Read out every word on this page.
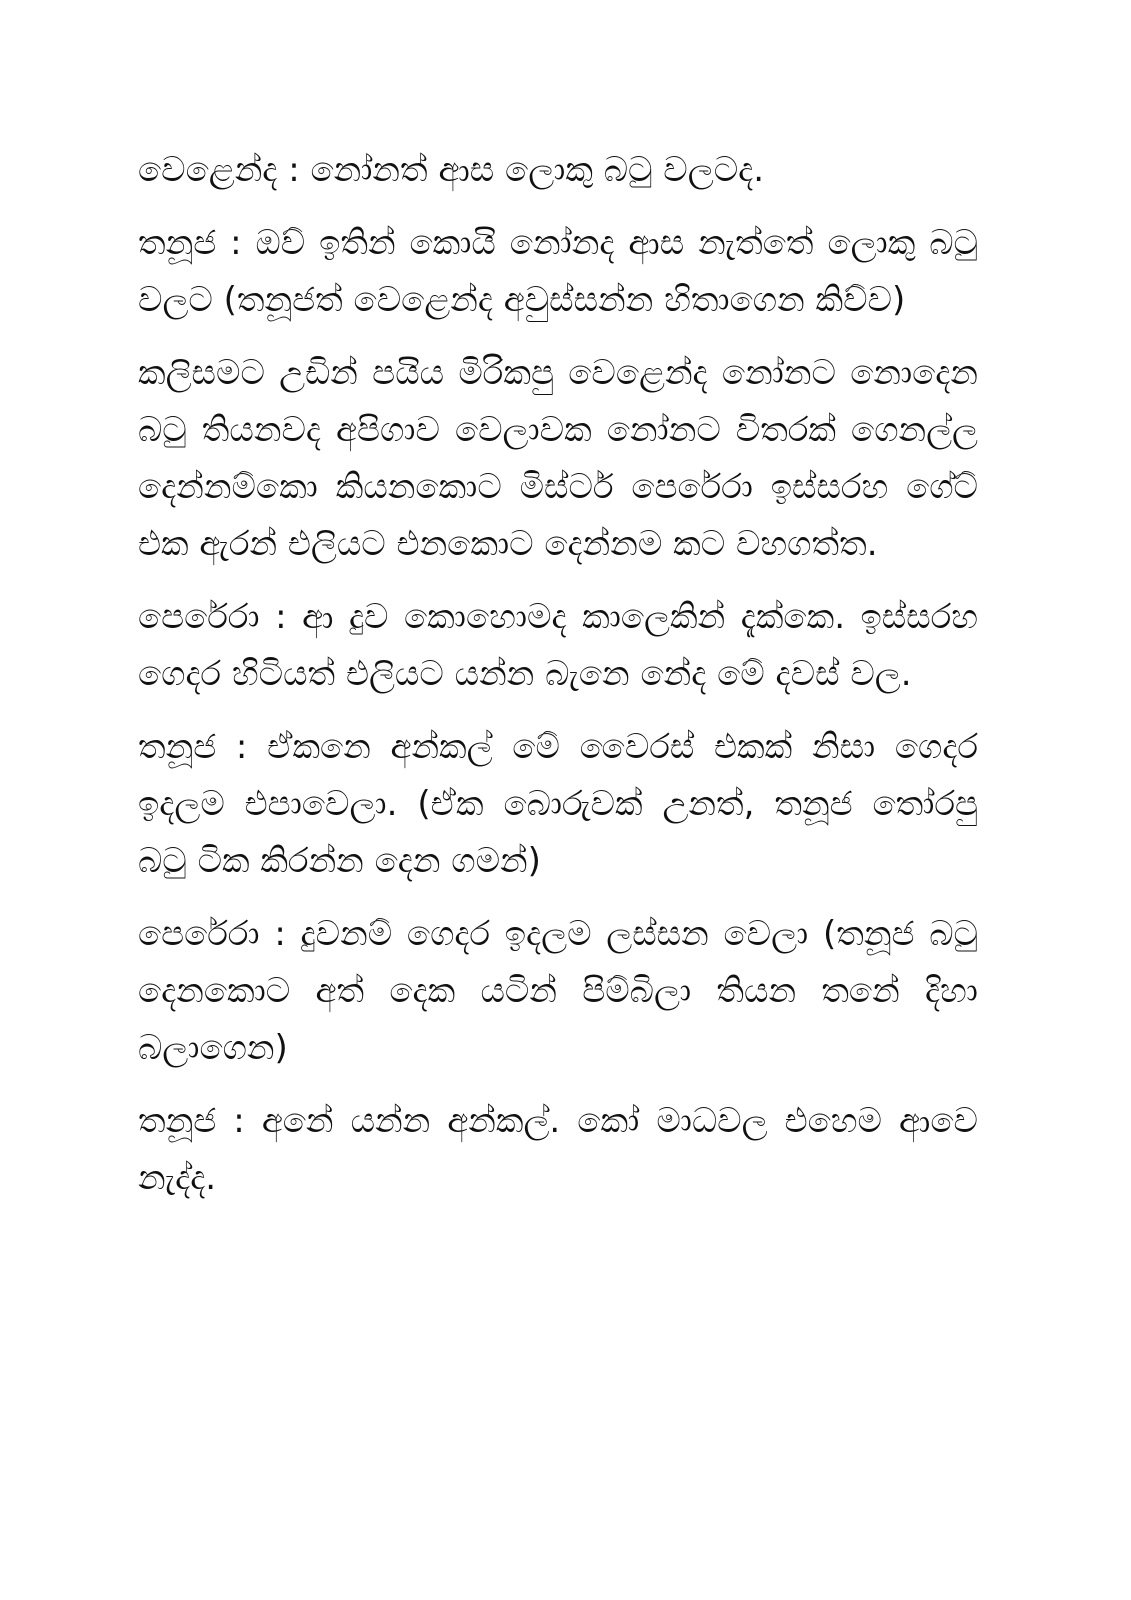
වෙළෙන්ද : නෝනත් ආස ලොකු බටු වලටද.

තනූජ : ඔව් ඉතින් කොයි නෝනද ආස නැත්තේ ලොකු බටු වලට (තනූජත් වෙළෙන්ද අවුස්සන්න හිතාගෙන කිව්ව)

කලිසමට උඩින් පයිය මිරිකපු වෙළෙන්ද නෝනට නොදෙන බටු තියනවද අපිගාව වෙලාවක නෝනට විතරක් ගෙනල්ල දෙන්නම්කො කියනකොට මිස්ටර් පෙරේරා ඉස්සරහ ගේට් එක ඇරන් එලියට එනකොට දෙන්නම කට වහගත්ත.

පෙරේරා : ආ දුව කොහොමද කාලෙකින් දැක්කෙ. ඉස්සරහ ගෙදර හිටියත් එලියට යන්න බැනෙ නේද මේ දවස් වල.

තනූජ : ඒකනෙ අන්කල් මේ වෛරස් එකක් නිසා ගෙදර ඉදලම එපාවෙලා. (ඒක බොරුවක් උනත්, තනූජ තෝරපු බටු ටික කිරන්න දෙන ගමන්)

පෙරේරා : දුවනම් ගෙදර ඉදලම ලස්සන වෙලා (තනූජ බටු දෙනකොට අත් දෙක යටින් පිම්බිලා තියන තනේ දිහා බලාගෙන)

තනූජ : අනේ යන්න අන්කල්. කෝ මාධවල එහෙම ආවෙ නැද්ද.
